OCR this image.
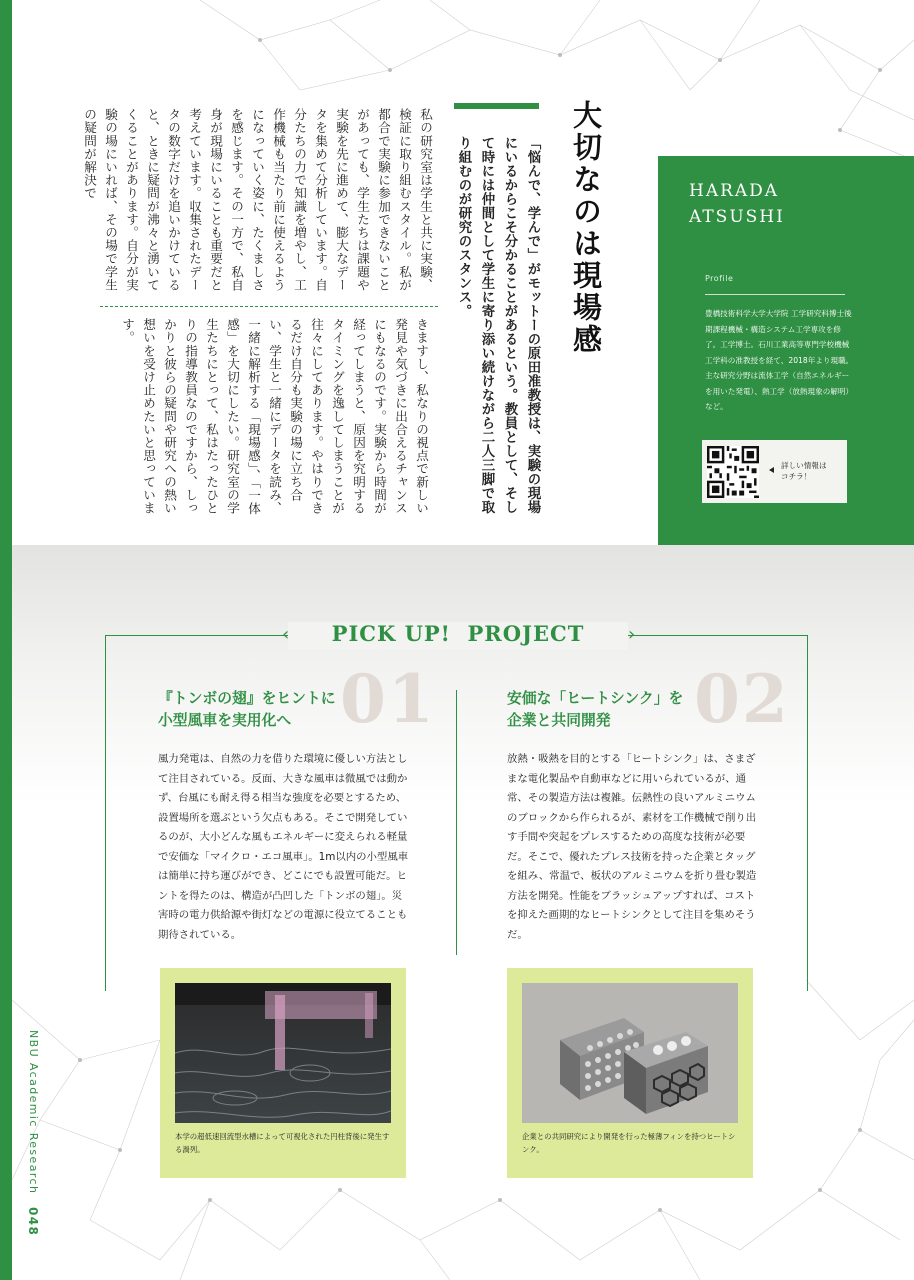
大切なのは現場感
「悩んで、学んで」がモットーの原田准教授は、実験の現場にいるからこそ分かることがあるという。教員として、そして時には仲間として学生に寄り添い続けながら二人三脚で取り組むのが研究のスタンス。
私の研究室は学生と共に実験、検証に取り組むスタイル。私が都合で実験に参加できないことがあっても、学生たちは課題や実験を先に進めて、膨大なデータを集めて分析しています。自分たちの力で知識を増やし、工作機械も当たり前に使えるようになっていく姿に、たくましさを感じます。その一方で、私自身が現場にいることも重要だと考えています。収集されたデータの数字だけを追いかけていると、ときに疑問が沸々と湧いてくることがあります。自分が実験の場にいれば、その場で学生の疑問が解決で
きますし、私なりの視点で新しい発見や気づきに出合えるチャンスにもなるのです。実験から時間が経ってしまうと、原因を究明するタイミングを逸してしまうことが往々にしてあります。やはりできるだけ自分も実験の場に立ち合い、学生と一緒にデータを読み、一緒に解析する「現場感」、「一体感」を大切にしたい。研究室の学生たちにとって、私はたったひとりの指導教員なのですから、しっかりと彼らの疑問や研究への熱い想いを受け止めたいと思っています。
HARADA
ATSUSHI
Profile
豊橋技術科学大学大学院 工学研究科博士後期課程機械・構造システム工学専攻を修了。工学博士。石川工業高等専門学校機械工学科の准教授を経て、2018年より現職。主な研究分野は流体工学（自然エネルギーを用いた発電）、熱工学（放熱現象の解明）など。
詳しい情報は
コチラ！
NBU Academic Research 048
‹	PICK UP!  PROJECT	›
01
『トンボの翅』をヒントに
小型風車を実用化へ
風力発電は、自然の力を借りた環境に優しい方法として注目されている。反面、大きな風車は微風では動かず、台風にも耐え得る相当な強度を必要とするため、設置場所を選ぶという欠点もある。そこで開発しているのが、大小どんな風もエネルギーに変えられる軽量で安価な「マイクロ・エコ風車」。1m以内の小型風車は簡単に持ち運びができ、どこにでも設置可能だ。ヒントを得たのは、構造が凸凹した「トンボの翅」。災害時の電力供給源や街灯などの電源に役立てることも期待されている。
本学の超低速回流型水槽によって可視化された円柱背後に発生する渦列。
02
安価な「ヒートシンク」を
企業と共同開発
放熱・吸熱を目的とする「ヒートシンク」は、さまざまな電化製品や自動車などに用いられているが、通常、その製造方法は複雑。伝熱性の良いアルミニウムのブロックから作られるが、素材を工作機械で削り出す手間や突起をプレスするための高度な技術が必要だ。そこで、優れたプレス技術を持った企業とタッグを組み、常温で、板状のアルミニウムを折り畳む製造方法を開発。性能をブラッシュアップすれば、コストを抑えた画期的なヒートシンクとして注目を集めそうだ。
企業との共同研究により開発を行った極薄フィンを持つヒートシンク。
